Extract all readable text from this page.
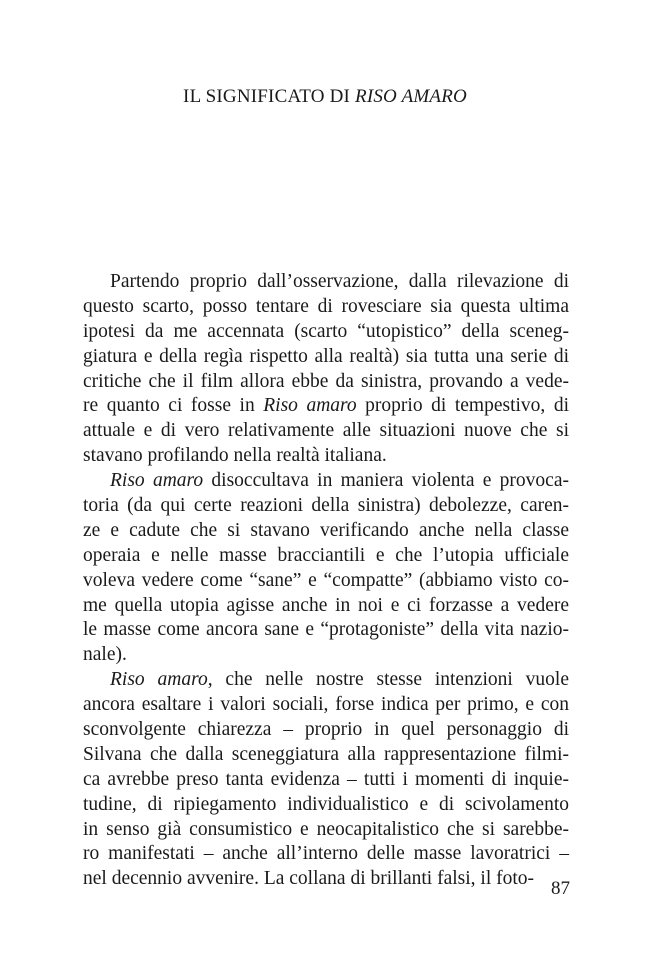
IL SIGNIFICATO DI RISO AMARO
Partendo proprio dall’osservazione, dalla rilevazione di
questo scarto, posso tentare di rovesciare sia questa ultima
ipotesi da me accennata (scarto “utopistico” della sceneg-
giatura e della regìa rispetto alla realtà) sia tutta una serie di
critiche che il film allora ebbe da sinistra, provando a vede-
re quanto ci fosse in Riso amaro proprio di tempestivo, di
attuale e di vero relativamente alle situazioni nuove che si
stavano profilando nella realtà italiana.
Riso amaro disoccultava in maniera violenta e provoca-
toria (da qui certe reazioni della sinistra) debolezze, caren-
ze e cadute che si stavano verificando anche nella classe
operaia e nelle masse bracciantili e che l’utopia ufficiale
voleva vedere come “sane” e “compatte” (abbiamo visto co-
me quella utopia agisse anche in noi e ci forzasse a vedere
le masse come ancora sane e “protagoniste” della vita nazio-
nale).
Riso amaro, che nelle nostre stesse intenzioni vuole
ancora esaltare i valori sociali, forse indica per primo, e con
sconvolgente chiarezza – proprio in quel personaggio di
Silvana che dalla sceneggiatura alla rappresentazione filmi-
ca avrebbe preso tanta evidenza – tutti i momenti di inquie-
tudine, di ripiegamento individualistico e di scivolamento
in senso già consumistico e neocapitalistico che si sarebbe-
ro manifestati – anche all’interno delle masse lavoratrici –
nel decennio avvenire. La collana di brillanti falsi, il foto- 87
